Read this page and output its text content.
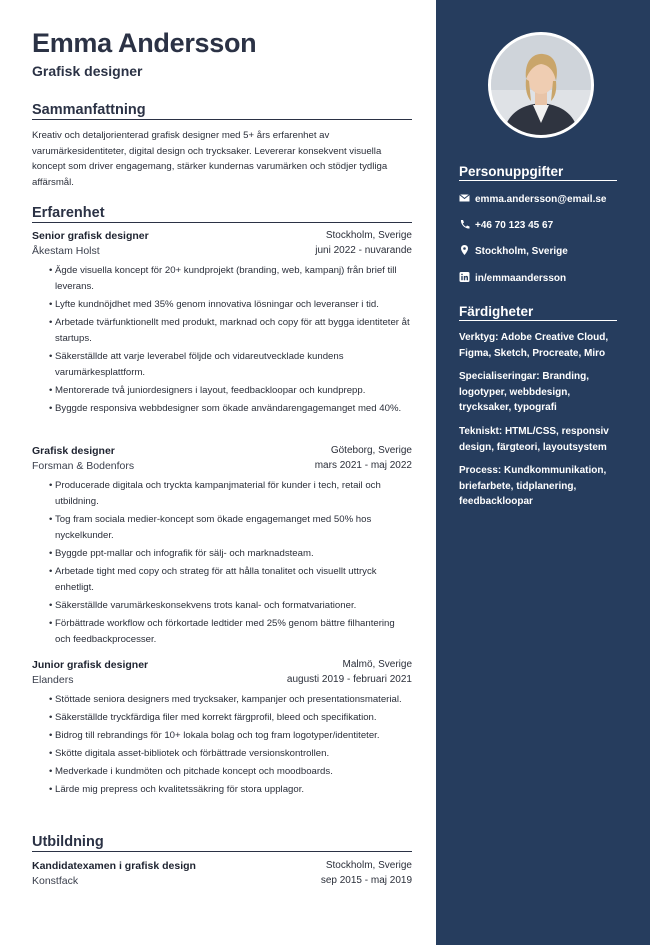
Emma Andersson
Grafisk designer
Sammanfattning

Kreativ och detaljorienterad grafisk designer med 5+ års erfarenhet av varumärkesidentiteter, digital design och trycksaker. Levererar konsekvent visuella koncept som driver engagemang, stärker kundernas varumärken och stödjer tydliga affärsmål.

Erfarenhet
Senior grafisk designer	Stockholm, Sverige
Åkestam Holst	juni 2022 - nuvarande
• Ägde visuella koncept för 20+ kundprojekt (branding, web, kampanj) från brief till leverans.
• Lyfte kundnöjdhet med 35% genom innovativa lösningar och leveranser i tid.
• Arbetade tvärfunktionellt med produkt, marknad och copy för att bygga identiteter åt startups.
• Säkerställde att varje leverabel följde och vidareutvecklade kundens varumärkesplattform.
• Mentorerade två juniordesigners i layout, feedbackloopar och kundprepp.
• Byggde responsiva webbdesigner som ökade användarengagemanget med 40%.
Grafisk designer	Göteborg, Sverige
Forsman & Bodenfors	mars 2021 - maj 2022
• Producerade digitala och tryckta kampanjmaterial för kunder i tech, retail och utbildning.
• Tog fram sociala medier-koncept som ökade engagemanget med 50% hos nyckelkunder.
• Byggde ppt-mallar och infografik för sälj- och marknadsteam.
• Arbetade tight med copy och strateg för att hålla tonalitet och visuellt uttryck enhetligt.
• Säkerställde varumärkeskonsekvens trots kanal- och formatvariationer.
• Förbättrade workflow och förkortade ledtider med 25% genom bättre filhantering och feedbackprocesser.
Junior grafisk designer	Malmö, Sverige
Elanders	augusti 2019 - februari 2021
• Stöttade seniora designers med trycksaker, kampanjer och presentationsmaterial.
• Säkerställde tryckfärdiga filer med korrekt färgprofil, bleed och specifikation.
• Bidrog till rebrandings för 10+ lokala bolag och tog fram logotyper/identiteter.
• Skötte digitala asset-bibliotek och förbättrade versionskontrollen.
• Medverkade i kundmöten och pitchade koncept och moodboards.
• Lärde mig prepress och kvalitetssäkring för stora upplagor.
Utbildning
Kandidatexamen i grafisk design	Stockholm, Sverige
Konstfack	sep 2015 - maj 2019
Personuppgifter
emma.andersson@email.se
+46 70 123 45 67
Stockholm, Sverige
in/emmaandersson
Färdigheter

Verktyg: Adobe Creative Cloud, Figma, Sketch, Procreate, Miro

Specialiseringar: Branding, logotyper, webbdesign, trycksaker, typografi

Tekniskt: HTML/CSS, responsiv design, färgteori, layoutsystem

Process: Kundkommunikation, briefarbete, tidplanering, feedbackloopar
